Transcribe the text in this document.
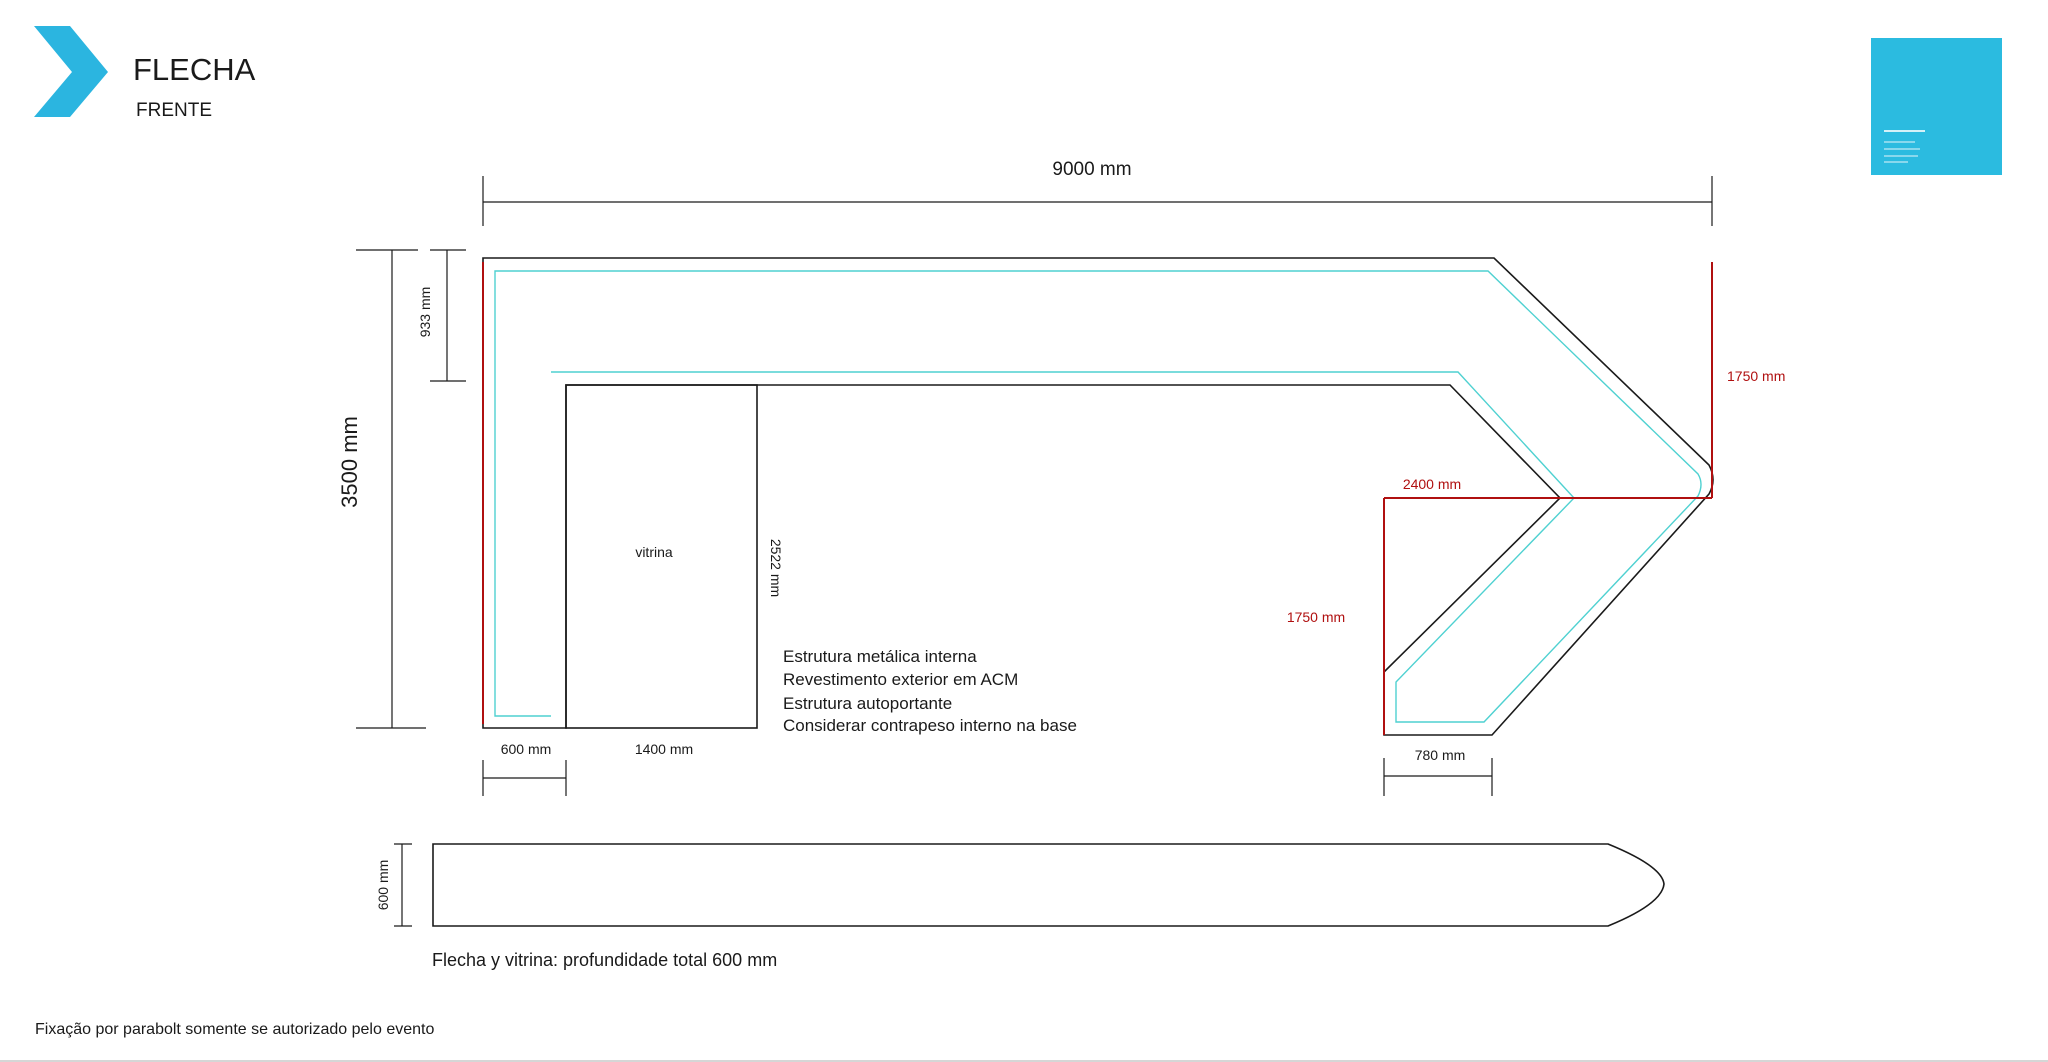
FLECHA
FRENTE
9000 mm
3500 mm
933 mm
vitrina	2522 mm
600 mm	1400 mm
Estrutura metálica interna
Revestimento exterior em ACM
Estrutura autoportante
Considerar contrapeso interno na base
1750 mm
2400 mm
1750 mm
780 mm
600 mm
Flecha y vitrina: profundidade total 600 mm
Fixação por parabolt somente se autorizado pelo evento
